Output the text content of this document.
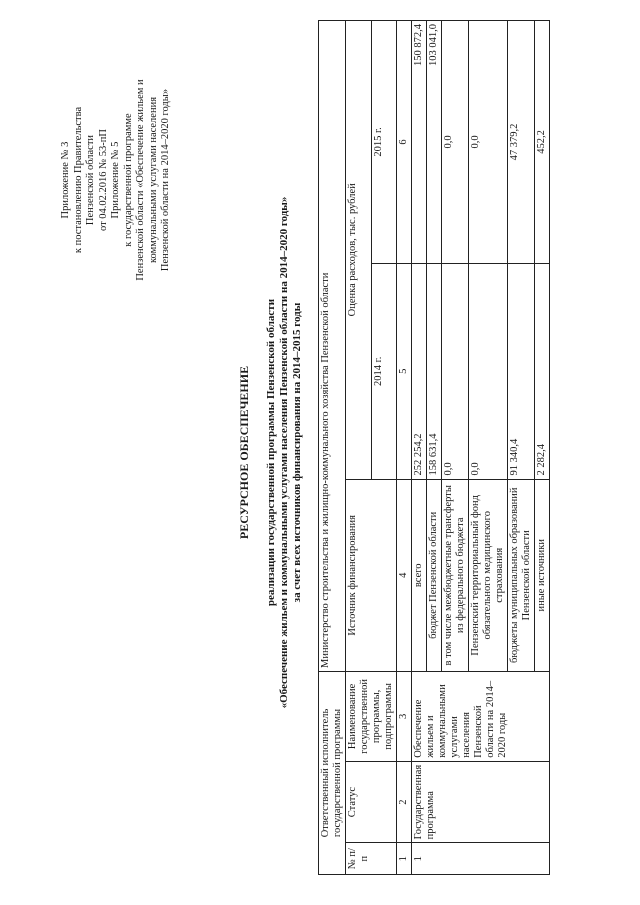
Приложение № 3 к постановлению Правительства Пензенской области от 04.02.2016 № 53-пП Приложение № 5 к государственной программе Пензенской области «Обеспечение жильем и коммунальными услугами населения Пензенской области на 2014–2020 годы»
РЕСУРСНОЕ ОБЕСПЕЧЕНИЕ реализации государственной программы Пензенской области «Обеспечение жильем и коммунальными услугами населения Пензенской области на 2014–2020 годы» за счет всех источников финансирования на 2014–2015 годы
Ответственный исполнитель государственной программы			Министерство строительства и жилищно-коммунального хозяйства Пензенской области		
№ п/п	Статус	Наименование государственной программы, подпрограммы	Источник финансирования	Оценка расходов, тыс. рублей	
				2014 г.	2015 г.
1	2	3	4	5	6
1	Государственная программа	Обеспечение жильем и коммунальными услугами населения Пензенской области на 2014–2020 годы	всего	252 254,2	150 872,4
			бюджет Пензенской области	158 631,4	103 041,0
			в том числе межбюджетные трансферты из федерального бюджета	0,0	0,0
			Пензенский территориальный фонд обязательного медицинского страхования	0,0	0,0
			бюджеты муниципальных образований Пензенской области	91 340,4	47 379,2
			иные источники	2 282,4	452,2
